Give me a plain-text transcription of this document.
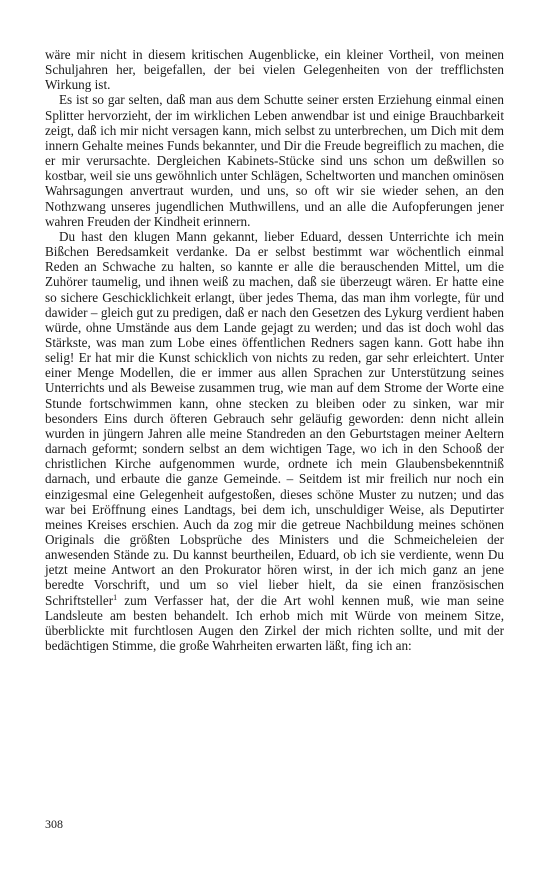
wäre mir nicht in diesem kritischen Augenblicke, ein kleiner Vortheil, von meinen Schuljahren her, beigefallen, der bei vielen Gelegenheiten von der trefflichsten Wirkung ist.

Es ist so gar selten, daß man aus dem Schutte seiner ersten Erziehung einmal einen Splitter hervorzieht, der im wirklichen Leben anwendbar ist und einige Brauchbarkeit zeigt, daß ich mir nicht versagen kann, mich selbst zu unterbrechen, um Dich mit dem innern Gehalte meines Funds bekannter, und Dir die Freude begreiflich zu machen, die er mir verursachte. Dergleichen Kabinets-Stücke sind uns schon um deßwillen so kostbar, weil sie uns gewöhnlich unter Schlägen, Scheltworten und manchen ominösen Wahrsagungen anvertraut wurden, und uns, so oft wir sie wieder sehen, an den Nothzwang unseres jugendlichen Muthwillens, und an alle die Aufopferungen jener wahren Freuden der Kindheit erinnern.

Du hast den klugen Mann gekannt, lieber Eduard, dessen Unterrichte ich mein Bißchen Beredsamkeit verdanke. Da er selbst bestimmt war wöchentlich einmal Reden an Schwache zu halten, so kannte er alle die berauschenden Mittel, um die Zuhörer taumelig, und ihnen weiß zu machen, daß sie überzeugt wären. Er hatte eine so sichere Geschicklichkeit erlangt, über jedes Thema, das man ihm vorlegte, für und dawider – gleich gut zu predigen, daß er nach den Gesetzen des Lykurg verdient haben würde, ohne Umstände aus dem Lande gejagt zu werden; und das ist doch wohl das Stärkste, was man zum Lobe eines öffentlichen Redners sagen kann. Gott habe ihn selig! Er hat mir die Kunst schicklich von nichts zu reden, gar sehr erleichtert. Unter einer Menge Modellen, die er immer aus allen Sprachen zur Unterstützung seines Unterrichts und als Beweise zusammen trug, wie man auf dem Strome der Worte eine Stunde fortschwimmen kann, ohne stecken zu bleiben oder zu sinken, war mir besonders Eins durch öfteren Gebrauch sehr geläufig geworden: denn nicht allein wurden in jüngern Jahren alle meine Standreden an den Geburtstagen meiner Aeltern darnach geformt; sondern selbst an dem wichtigen Tage, wo ich in den Schooß der christlichen Kirche aufgenommen wurde, ordnete ich mein Glaubensbekenntniß darnach, und erbaute die ganze Gemeinde. – Seitdem ist mir freilich nur noch ein einzigesmal eine Gelegenheit aufgestoßen, dieses schöne Muster zu nutzen; und das war bei Eröffnung eines Landtags, bei dem ich, unschuldiger Weise, als Deputirter meines Kreises erschien. Auch da zog mir die getreue Nachbildung meines schönen Originals die größten Lobsprüche des Ministers und die Schmeicheleien der anwesenden Stände zu. Du kannst beurtheilen, Eduard, ob ich sie verdiente, wenn Du jetzt meine Antwort an den Prokurator hören wirst, in der ich mich ganz an jene beredte Vorschrift, und um so viel lieber hielt, da sie einen französischen Schriftsteller$^1$ zum Verfasser hat, der die Art wohl kennen muß, wie man seine Landsleute am besten behandelt. Ich erhob mich mit Würde von meinem Sitze, überblickte mit furchtlosen Augen den Zirkel der mich richten sollte, und mit der bedächtigen Stimme, die große Wahrheiten erwarten läßt, fing ich an:

308
